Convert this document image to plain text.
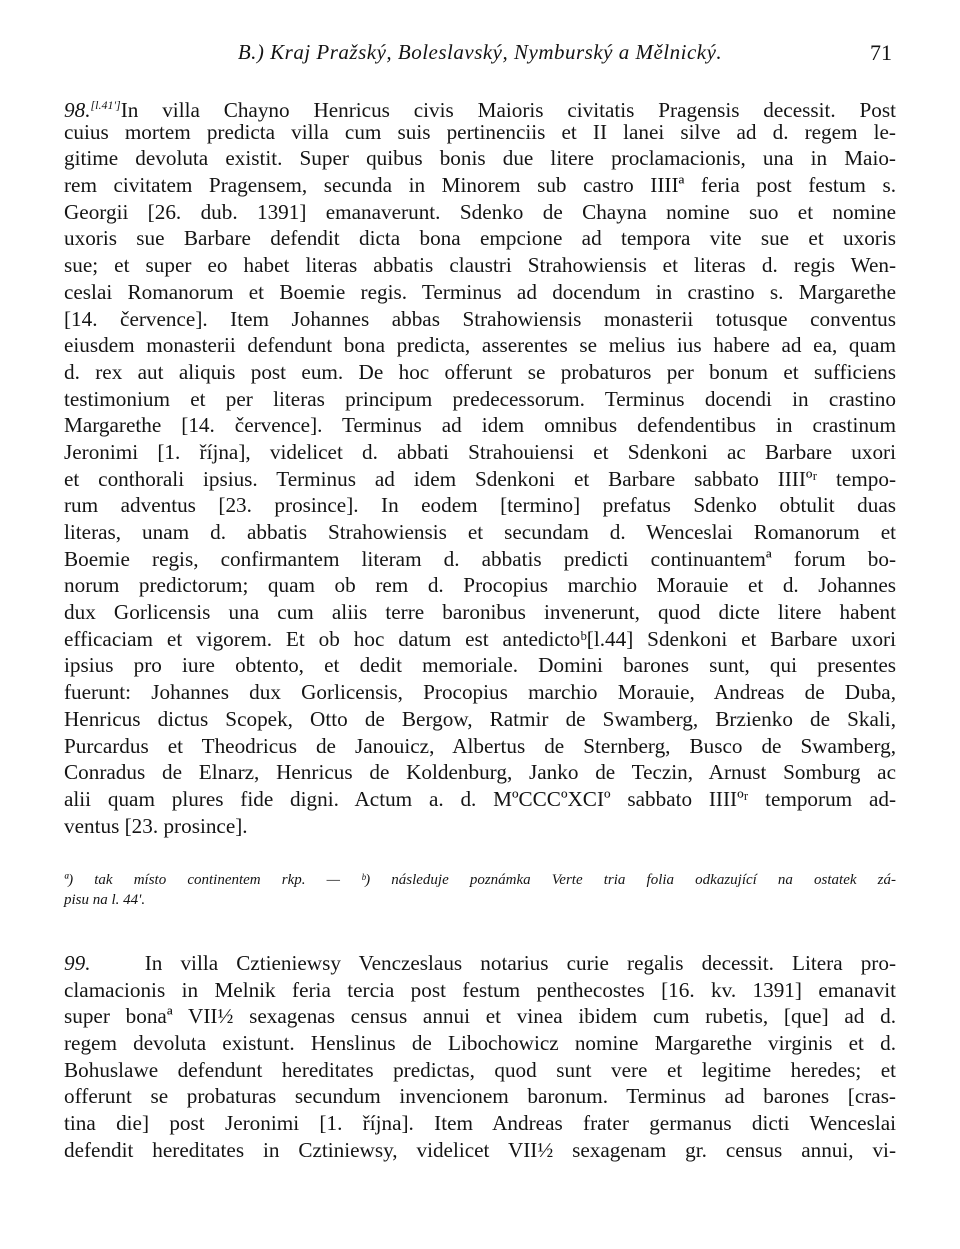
B.) Kraj Pražský, Boleslavský, Nymburský a Mělnický.	71
98.[l.41']In villa Chayno Henricus civis Maioris civitatis Pragensis decessit. Post
cuius mortem predicta villa cum suis pertinenciis et II lanei silve ad d. regem le-
gitime devoluta existit. Super quibus bonis due litere proclamacionis, una in Maio-
rem civitatem Pragensem, secunda in Minorem sub castro IIIIª feria post festum s.
Georgii [26. dub. 1391] emanaverunt. Sdenko de Chayna nomine suo et nomine
uxoris sue Barbare defendit dicta bona empcione ad tempora vite sue et uxoris
sue; et super eo habet literas abbatis claustri Strahowiensis et literas d. regis Wen-
ceslai Romanorum et Boemie regis. Terminus ad docendum in crastino s. Margarethe
[14. července]. Item Johannes abbas Strahowiensis monasterii totusque conventus
eiusdem monasterii defendunt bona predicta, asserentes se melius ius habere ad ea, quam
d. rex aut aliquis post eum. De hoc offerunt se probaturos per bonum et sufficiens
testimonium et per literas principum predecessorum. Terminus docendi in crastino
Margarethe [14. července]. Terminus ad idem omnibus defendentibus in crastinum
Jeronimi [1. října], videlicet d. abbati Strahouiensi et Sdenkoni ac Barbare uxori
et conthorali ipsius. Terminus ad idem Sdenkoni et Barbare sabbato IIIIºʳ tempo-
rum adventus [23. prosince]. In eodem [termino] prefatus Sdenko obtulit duas
literas, unam d. abbatis Strahowiensis et secundam d. Wenceslai Romanorum et
Boemie regis, confirmantem literam d. abbatis predicti continuantemª forum bo-
norum predictorum; quam ob rem d. Procopius marchio Morauie et d. Johannes
dux Gorlicensis una cum aliis terre baronibus invenerunt, quod dicte litere habent
efficaciam et vigorem. Et ob hoc datum est antedictoᵇ[l.44] Sdenkoni et Barbare uxori
ipsius pro iure obtento, et dedit memoriale. Domini barones sunt, qui presentes
fuerunt: Johannes dux Gorlicensis, Procopius marchio Morauie, Andreas de Duba,
Henricus dictus Scopek, Otto de Bergow, Ratmir de Swamberg, Brzienko de Skali,
Purcardus et Theodricus de Janouicz, Albertus de Sternberg, Busco de Swamberg,
Conradus de Elnarz, Henricus de Koldenburg, Janko de Teczin, Arnust Somburg ac
alii quam plures fide digni. Actum a. d. MºCCCºXCIº sabbato IIIIºʳ temporum ad-
ventus [23. prosince].
ª) tak místo continentem rkp. — ᵇ) následuje poznámka Verte tria folia odkazující na ostatek zá-
pisu na l. 44'.
99.	In villa Cztieniewsy Venczeslaus notarius curie regalis decessit. Litera pro-
clamacionis in Melnik feria tercia post festum penthecostes [16. kv. 1391] emanavit
super bonaª VII½ sexagenas census annui et vinea ibidem cum rubetis, [que] ad d.
regem devoluta existunt. Henslinus de Libochowicz nomine Margarethe virginis et d.
Bohuslawe defendunt hereditates predictas, quod sunt vere et legitime heredes; et
offerunt se probaturas secundum invencionem baronum. Terminus ad barones [cras-
tina die] post Jeronimi [1. října]. Item Andreas frater germanus dicti Wenceslai
defendit hereditates in Cztiniewsy, videlicet VII½ sexagenam gr. census annui, vi-
